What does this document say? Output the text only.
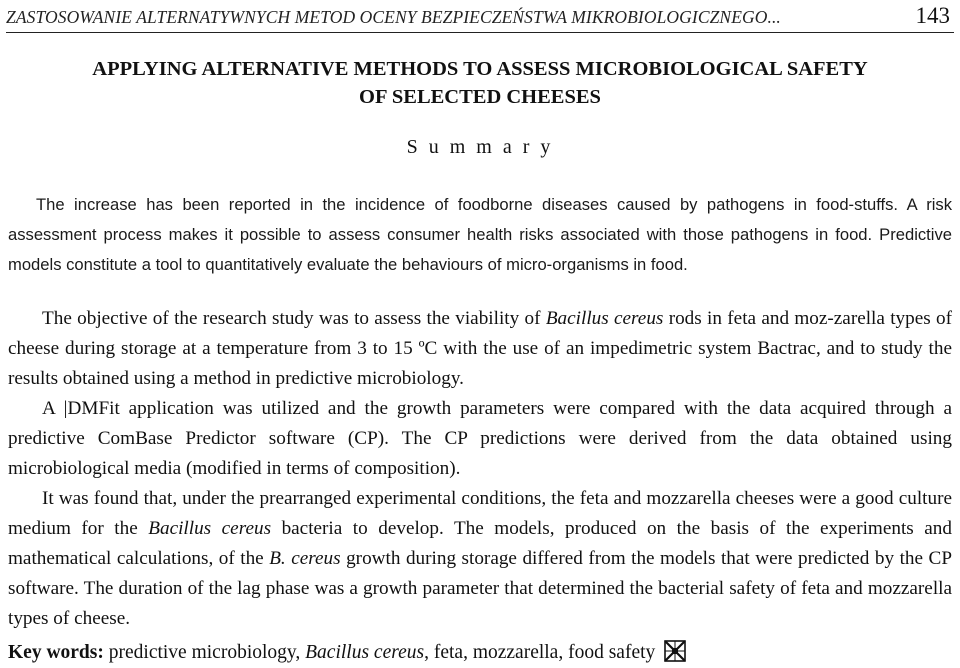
ZASTOSOWANIE ALTERNATYWNYCH METOD OCENY BEZPIECZEŃSTWA MIKROBIOLOGICZNEGO...	143
APPLYING ALTERNATIVE METHODS TO ASSESS MICROBIOLOGICAL SAFETY
OF SELECTED CHEESES
S u m m a r y

The increase has been reported in the incidence of foodborne diseases caused by pathogens in food-stuffs. A risk assessment process makes it possible to assess consumer health risks associated with those pathogens in food. Predictive models constitute a tool to quantitatively evaluate the behaviours of micro-organisms in food.

The objective of the research study was to assess the viability of Bacillus cereus rods in feta and moz-zarella types of cheese during storage at a temperature from 3 to 15 ºC with the use of an impedimetric system Bactrac, and to study the results obtained using a method in predictive microbiology.

A |DMFit application was utilized and the growth parameters were compared with the data acquired through a predictive ComBase Predictor software (CP). The CP predictions were derived from the data obtained using microbiological media (modified in terms of composition).

It was found that, under the prearranged experimental conditions, the feta and mozzarella cheeses were a good culture medium for the Bacillus cereus bacteria to develop. The models, produced on the basis of the experiments and mathematical calculations, of the B. cereus growth during storage differed from the models that were predicted by the CP software. The duration of the lag phase was a growth parameter that determined the bacterial safety of feta and mozzarella types of cheese.

Key words: predictive microbiology, Bacillus cereus, feta, mozzarella, food safety
